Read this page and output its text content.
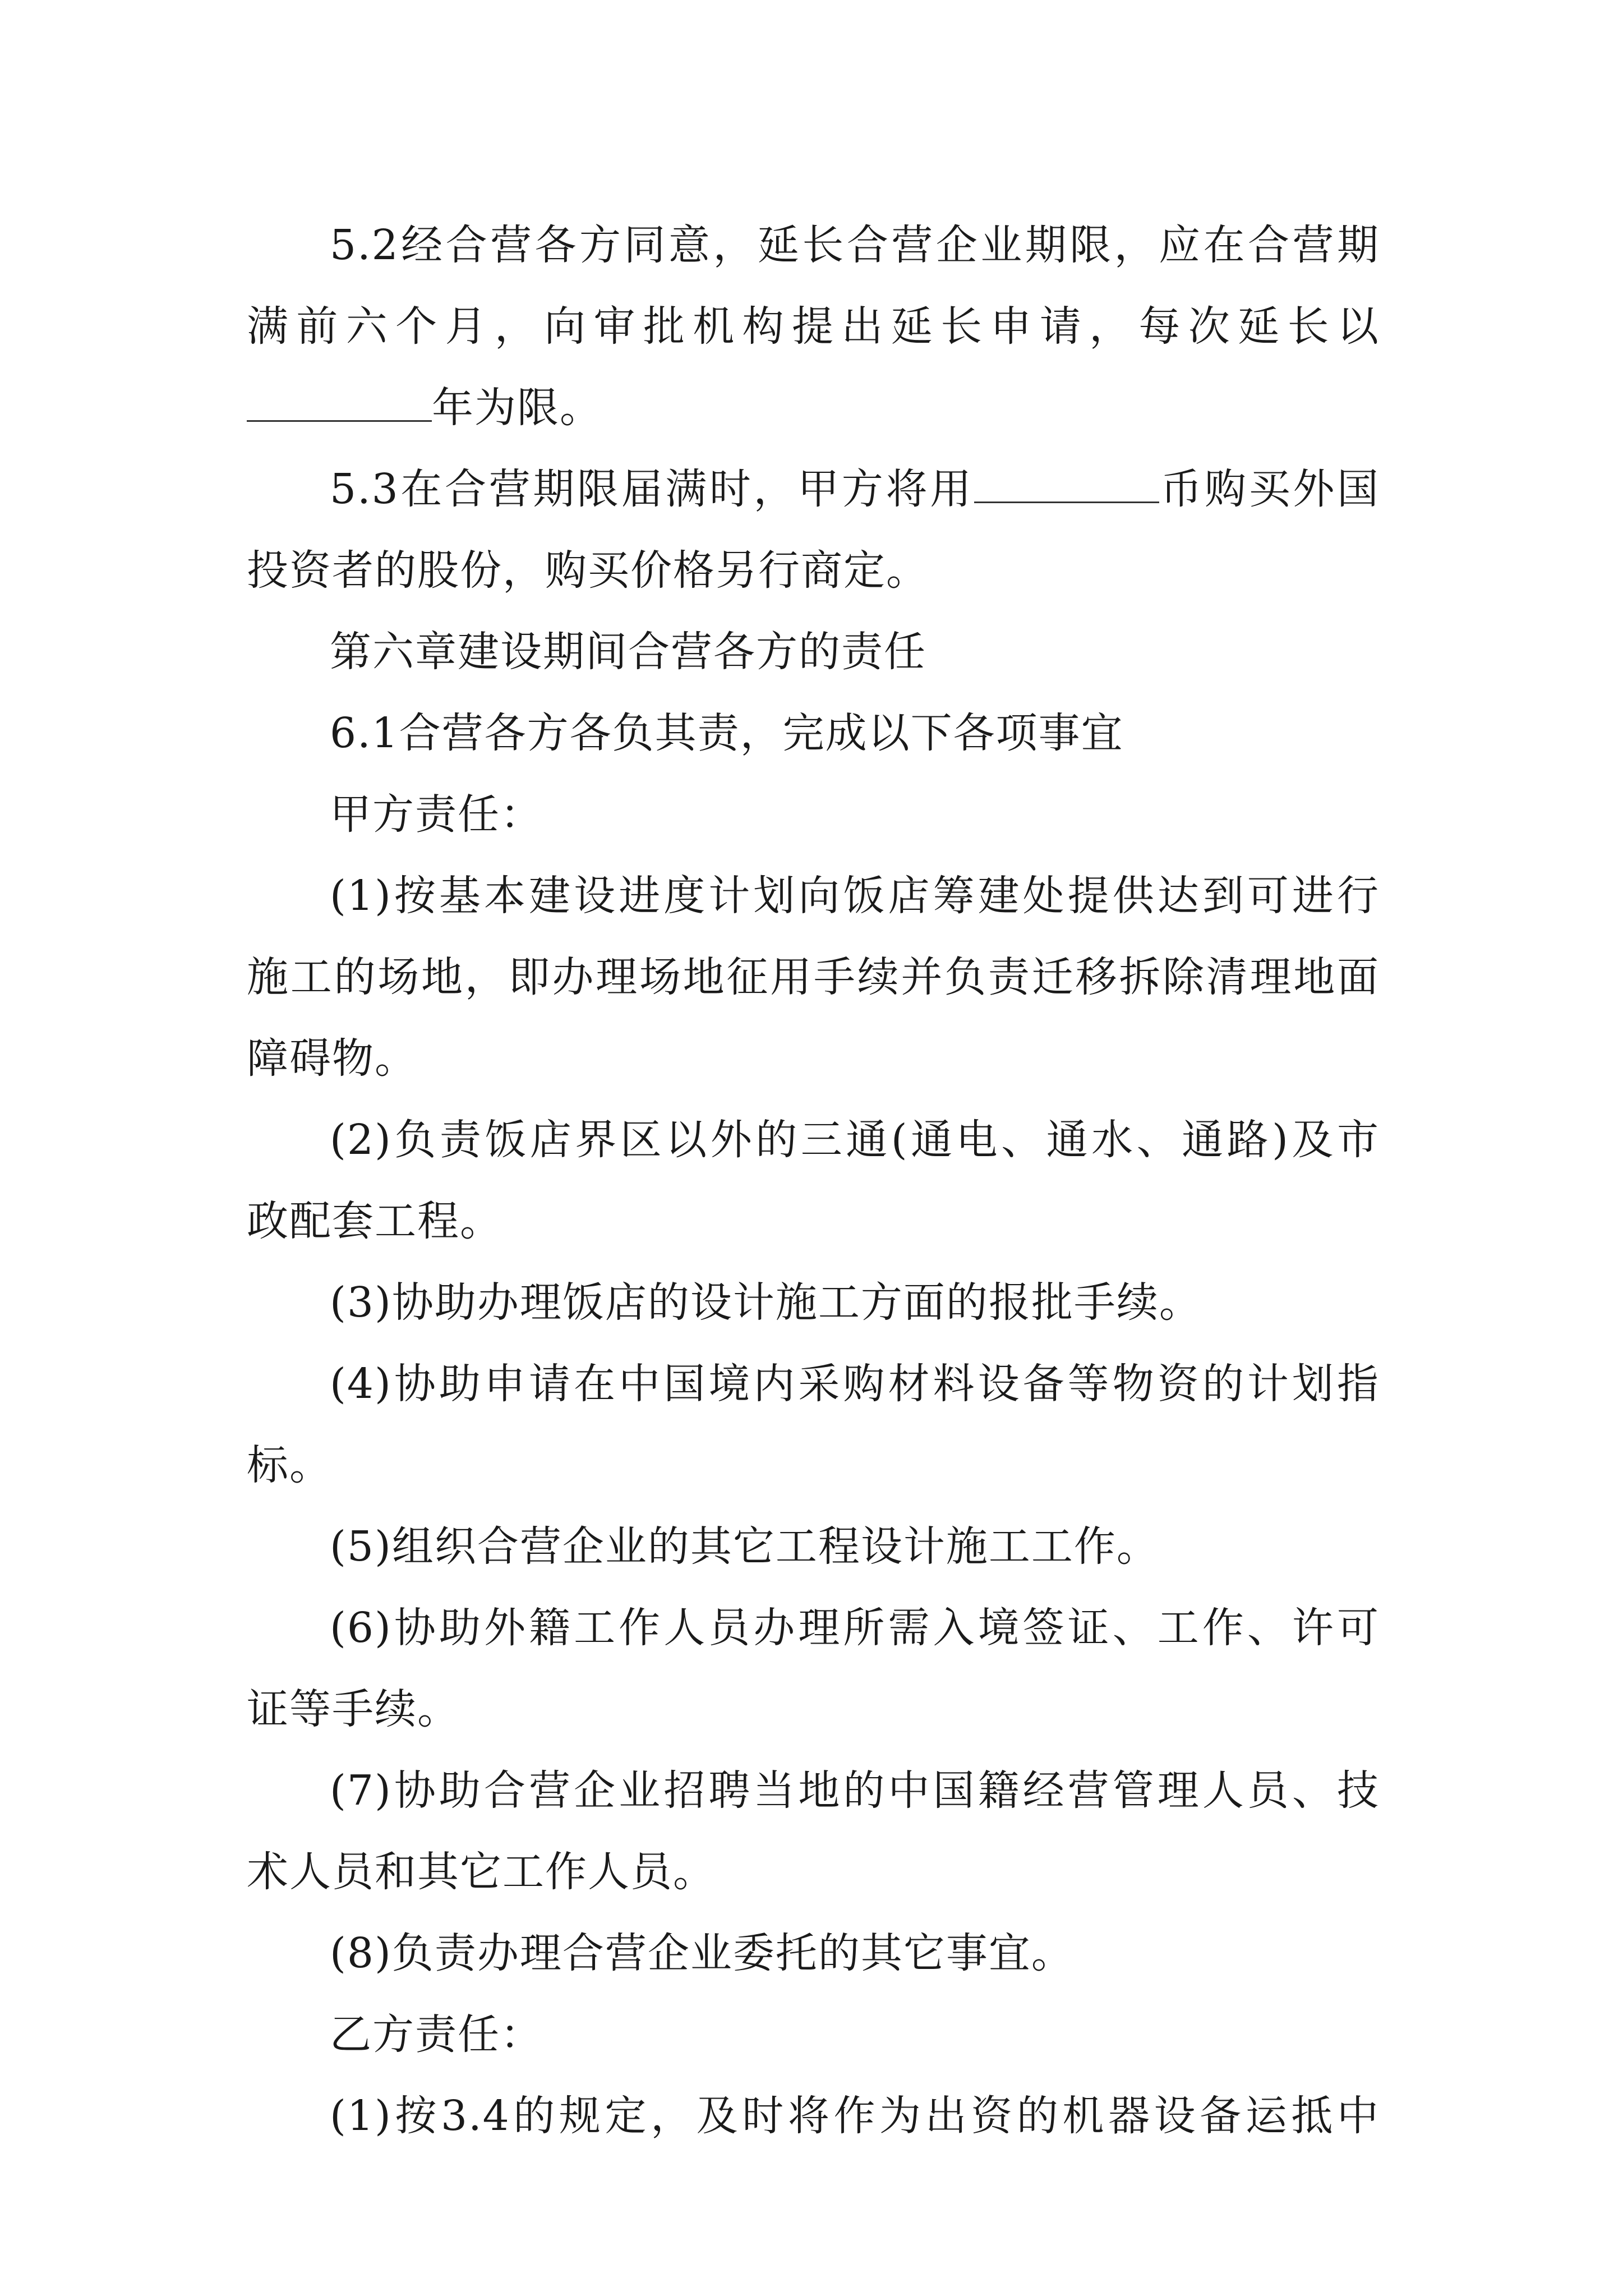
5.2经合营各方同意，延长合营企业期限，应在合营期

满前六个月，向审批机构提出延长申请，每次延长以

年为限。

5.3在合营期限届满时，甲方将用	币购买外国

投资者的股份，购买价格另行商定。

第六章建设期间合营各方的责任

6.1合营各方各负其责，完成以下各项事宜

甲方责任：

(1)按基本建设进度计划向饭店筹建处提供达到可进行

施工的场地，即办理场地征用手续并负责迁移拆除清理地面

障碍物。

(2)负责饭店界区以外的三通(通电、通水、通路)及市

政配套工程。

(3)协助办理饭店的设计施工方面的报批手续。

(4)协助申请在中国境内采购材料设备等物资的计划指

标。

(5)组织合营企业的其它工程设计施工工作。

(6)协助外籍工作人员办理所需入境签证、工作、许可

证等手续。

(7)协助合营企业招聘当地的中国籍经营管理人员、技

术人员和其它工作人员。

(8)负责办理合营企业委托的其它事宜。

乙方责任：

(1)按3.4的规定，及时将作为出资的机器设备运抵中
